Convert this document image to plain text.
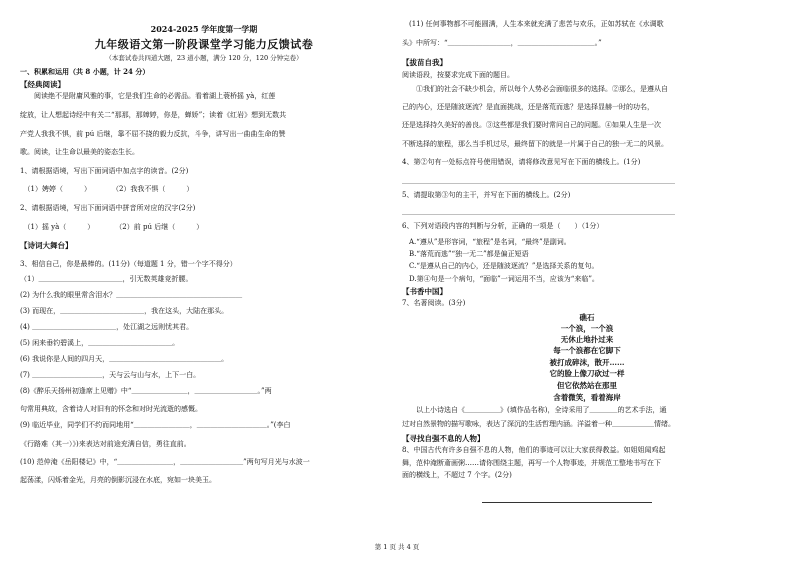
2024-2025 学年度第一学期
九年级语文第一阶段课堂学习能力反馈试卷
（本套试卷共四道大题，23 道小题，满分 120 分，120 分钟完卷）
一、积累和运用（共 8 小题，计 24 分）
【经典阅读】
　　阅读绝不是附庸风雅的事，它是我们生命的必需品。看着湖上蓑桥摇 yà，红莲
绽放，让人想起诗经中有关二“那那，那嫜婷，你是，蝉娇”；读着《红岩》想到无数共
产党人我我不惧，前 pú 后继，靠不屈不挠的毅力反抗，斗争，讲写出一曲曲生命的赞
歌。阅读，让生命以最美的姿态生长。
1、请根据语境，写出下面词语中加点字的读音。(2分)
　（1）娉婷（　　　）　　　　（2）我我不惧（　　　）
2、请根据语境，写出下面词语中拼音所对应的汉字(2分)
　（1）摇 yà（　　　）　　　　（2）前 pú 后继（　　　）
【诗词大舞台】
3、相信自己，你是最棒的。(11分)（每道题 1 分，错一个字不得分）
（1）＿＿＿＿＿＿＿＿＿＿＿＿，引无数英雄竞折腰。
(2) 为什么我的眼里常含泪水？＿＿＿＿＿＿＿＿＿＿＿＿＿＿＿＿＿＿
(3) 而现在，＿＿＿＿＿＿＿＿＿＿＿＿，我在这头，大陆在那头。
(4) ＿＿＿＿＿＿＿＿＿＿＿＿，处江湖之远则忧其君。
(5) 闲来垂钓碧溪上，＿＿＿＿＿＿＿＿＿＿＿＿。
(6) 我说你是人间的四月天，＿＿＿＿＿＿＿＿＿＿＿＿＿＿＿＿。
(7) ＿＿＿＿＿＿＿＿＿＿，天与云与山与水，上下一白。
(8)《醉乐天扬州初逢席上见赠》中“＿＿＿＿＿＿＿＿，＿＿＿＿＿＿＿＿＿。”两
句常用典故，含着诗人对旧有的怀念和对时光流逝的感慨。
(9) 临近毕业，同学们不约而同地用“＿＿＿＿＿＿＿＿，＿＿＿＿＿＿＿＿＿＿。”(李白
《行路难（其一）》)来表达对前途充满自信，勇往直前。
(10) 范仲淹《岳阳楼记》中，“＿＿＿＿＿＿＿＿，＿＿＿＿＿＿＿＿＿”两句写月光与水波一
起荡漾，闪烁着金光，月亮的倒影沉浸在水底，宛如一块美玉。
　(11) 任何事物都不可能圆满，人生本来就充满了悲苦与欢乐，正如苏轼在《水调歌
头》中所写：“＿＿＿＿＿＿＿＿＿，＿＿＿＿＿＿＿＿＿＿＿。”
【拔苗自我】
阅读语段，按要求完成下面的题目。
　　①我们的社会不缺少机会，所以每个人势必会面临很多的选择。②那么，是遵从自
己的内心，还是随波逐流？是直面挑战，还是落荒而逃？是选择显赫一时的功名，
还是选择持久美好的善良。③这些都是我们要时常问自己的问题。④如果人生是一次
不断选择的旅程，那么当手机过尽，最终留下的就是一片属于自己的独一无二的风景。
4、第②句有一处标点符号使用错误，请将修改意见写在下面的横线上。(1分)
＿＿＿＿＿＿＿＿＿＿＿＿＿＿＿＿＿＿＿＿＿＿＿＿＿＿＿＿＿＿＿＿＿＿＿＿＿＿＿
5、请提取第③句的主干，并写在下面的横线上。(2分)
＿＿＿＿＿＿＿＿＿＿＿＿＿＿＿＿＿＿＿＿＿＿＿＿＿＿＿＿＿＿＿＿＿＿＿＿＿＿＿
6、下列对语段内容的判断与分析，正确的一项是（　　）（1分）
　A.“遵从”是形容词，“旅程”是名词，“最终”是副词。
　B.“落荒而逃”“独一无二”都是偏正短语
　C.“是遵从自己的内心，还是随波逐流？”是选择关系的复句。
　D.第④句是一个病句，“面临”一词运用不当，应该为“来临”。
【书香中国】
7、名著阅读。(3分)
礁石
一个浪，一个浪
无休止地扑过来
每一个浪都在它脚下
被打成碎沫，散开……
它的脸上像刀砍过一样
但它依然站在那里
含着微笑，看着海岸
　　以上小诗选自《＿＿＿＿＿》(填作品名称)，全诗采用了＿＿＿＿的艺术手法，通
过对自然景物的描写歌咏，表达了深沉的生活哲理内涵。洋溢着一种＿＿＿＿＿＿情绪。
【寻找自强不息的人物】
8、中国古代有许多自强不息的人物，他们的事迹可以让大家获得教益。如姐姐闻鸡起
舞，范仲淹断齑画粥……请你围绕主题，再写一个人物事迹，并规范工整地书写在下
面的横线上，不超过 7 个字。(2分)
第 1 页 共 4 页
